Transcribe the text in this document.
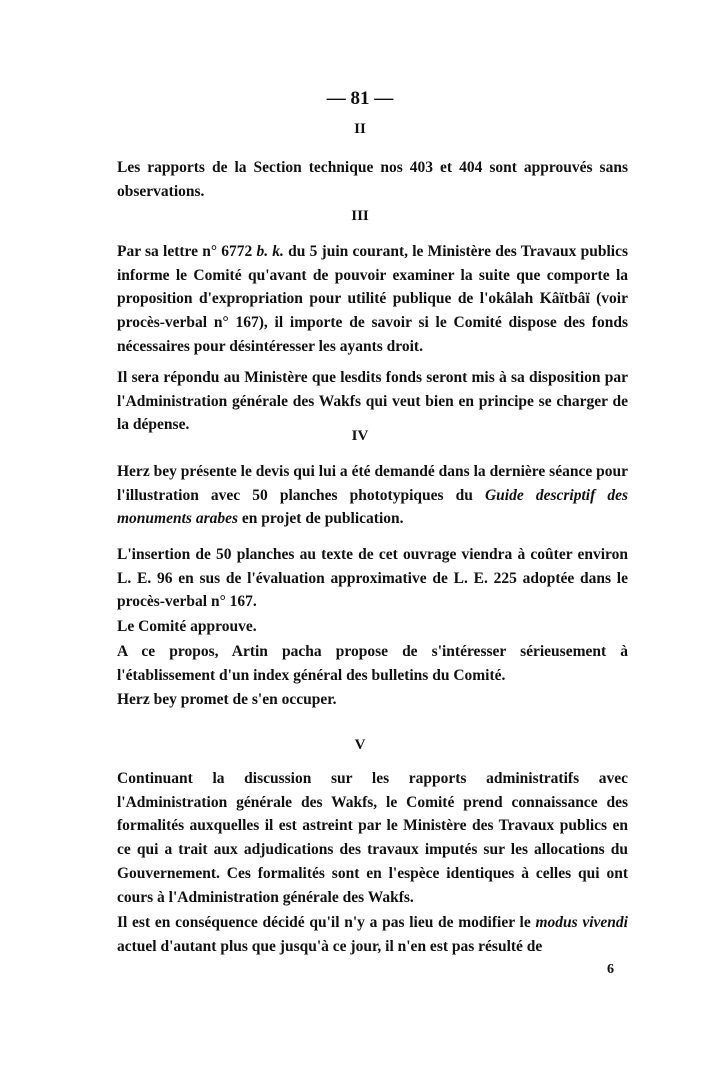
— 81 —
II
Les rapports de la Section technique nos 403 et 404 sont approuvés sans observations.
III
Par sa lettre n° 6772 b. k. du 5 juin courant, le Ministère des Travaux publics informe le Comité qu'avant de pouvoir examiner la suite que comporte la proposition d'expropriation pour utilité publique de l'okâlah Kâïtbâï (voir procès-verbal n° 167), il importe de savoir si le Comité dispose des fonds nécessaires pour désintéresser les ayants droit.
Il sera répondu au Ministère que lesdits fonds seront mis à sa disposition par l'Administration générale des Wakfs qui veut bien en principe se charger de la dépense.
IV
Herz bey présente le devis qui lui a été demandé dans la dernière séance pour l'illustration avec 50 planches phototypiques du Guide descriptif des monuments arabes en projet de publication.
L'insertion de 50 planches au texte de cet ouvrage viendra à coûter environ L. E. 96 en sus de l'évaluation approximative de L. E. 225 adoptée dans le procès-verbal n° 167.
Le Comité approuve.
A ce propos, Artin pacha propose de s'intéresser sérieusement à l'établissement d'un index général des bulletins du Comité.
Herz bey promet de s'en occuper.
V
Continuant la discussion sur les rapports administratifs avec l'Administration générale des Wakfs, le Comité prend connaissance des formalités auxquelles il est astreint par le Ministère des Travaux publics en ce qui a trait aux adjudications des travaux imputés sur les allocations du Gouvernement. Ces formalités sont en l'espèce identiques à celles qui ont cours à l'Administration générale des Wakfs.
Il est en conséquence décidé qu'il n'y a pas lieu de modifier le modus vivendi actuel d'autant plus que jusqu'à ce jour, il n'en est pas résulté de
6
